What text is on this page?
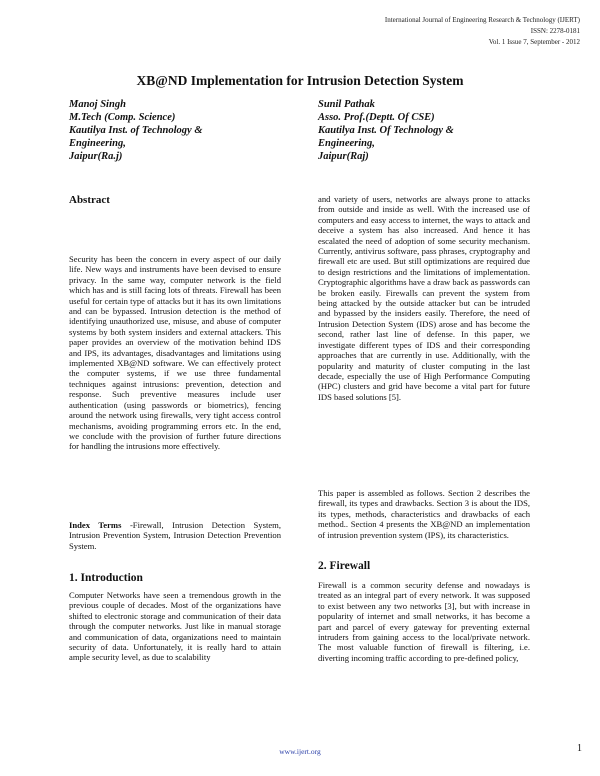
International Journal of Engineering Research & Technology (IJERT)
ISSN: 2278-0181
Vol. 1 Issue 7, September - 2012
XB@ND Implementation for Intrusion Detection System
Manoj Singh
M.Tech (Comp. Science)
Kautilya Inst. of Technology &
Engineering,
Jaipur(Ra.j)
Sunil Pathak
Asso. Prof.(Deptt. Of CSE)
Kautilya Inst. Of Technology &
Engineering,
Jaipur(Raj)
Abstract
Security has been the concern in every aspect of our daily life. New ways and instruments have been devised to ensure privacy. In the same way, computer network is the field which has and is still facing lots of threats. Firewall has been useful for certain type of attacks but it has its own limitations and can be bypassed. Intrusion detection is the method of identifying unauthorized use, misuse, and abuse of computer systems by both system insiders and external attackers. This paper provides an overview of the motivation behind IDS and IPS, its advantages, disadvantages and limitations using implemented XB@ND software. We can effectively protect the computer systems, if we use three fundamental techniques against intrusions: prevention, detection and response. Such preventive measures include user authentication (using passwords or biometrics), fencing around the network using firewalls, very tight access control mechanisms, avoiding programming errors etc. In the end, we conclude with the provision of further future directions for handling the intrusions more effectively.
Index Terms -Firewall, Intrusion Detection System, Intrusion Prevention System, Intrusion Detection Prevention System.
1. Introduction
Computer Networks have seen a tremendous growth in the previous couple of decades. Most of the organizations have shifted to electronic storage and communication of their data through the computer networks. Just like in manual storage and communication of data, organizations need to maintain security of data. Unfortunately, it is really hard to attain ample security level, as due to scalability
and variety of users, networks are always prone to attacks from outside and inside as well. With the increased use of computers and easy access to internet, the ways to attack and deceive a system has also increased. And hence it has escalated the need of adoption of some security mechanism. Currently, antivirus software, pass phrases, cryptography and firewall etc are used. But still optimizations are required due to design restrictions and the limitations of implementation. Cryptographic algorithms have a draw back as passwords can be broken easily. Firewalls can prevent the system from being attacked by the outside attacker but can be intruded and bypassed by the insiders easily. Therefore, the need of Intrusion Detection System (IDS) arose and has become the second, rather last line of defense. In this paper, we investigate different types of IDS and their corresponding approaches that are currently in use. Additionally, with the popularity and maturity of cluster computing in the last decade, especially the use of High Performance Computing (HPC) clusters and grid have become a vital part for future IDS based solutions [5].
This paper is assembled as follows. Section 2 describes the firewall, its types and drawbacks. Section 3 is about the IDS, its types, methods, characteristics and drawbacks of each method.. Section 4 presents the XB@ND an implementation of intrusion prevention system (IPS), its characteristics.
2. Firewall
Firewall is a common security defense and nowadays is treated as an integral part of every network. It was supposed to exist between any two networks [3], but with increase in popularity of internet and small networks, it has become a part and parcel of every gateway for preventing external intruders from gaining access to the local/private network. The most valuable function of firewall is filtering, i.e. diverting incoming traffic according to pre-defined policy,
www.ijert.org	1
